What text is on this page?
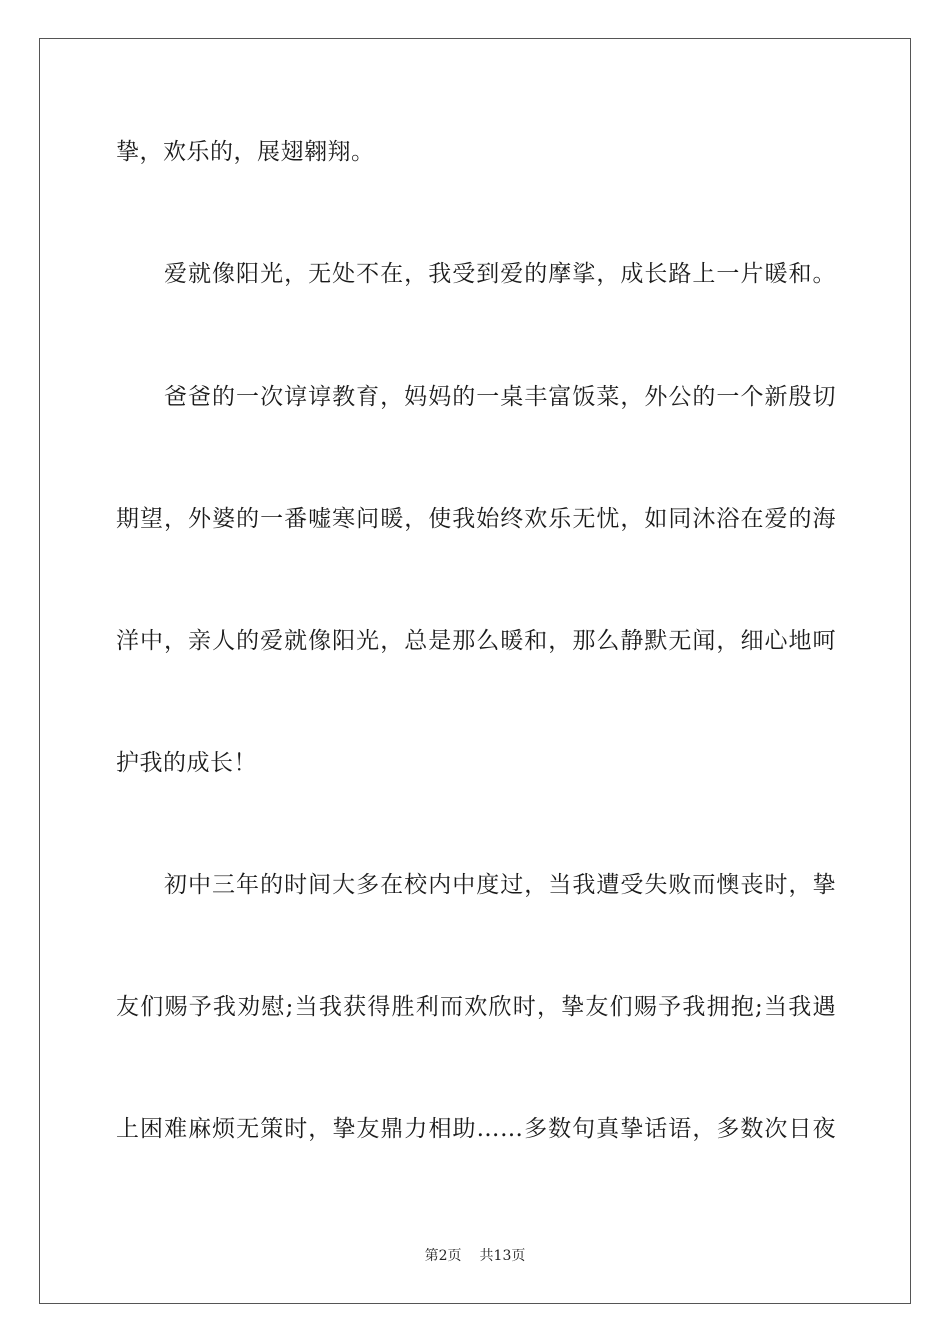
挚，欢乐的，展翅翱翔。
爱就像阳光，无处不在，我受到爱的摩挲，成长路上一片暖和。
爸爸的一次谆谆教育，妈妈的一桌丰富饭菜，外公的一个新殷切
期望，外婆的一番嘘寒问暖，使我始终欢乐无忧，如同沐浴在爱的海
洋中，亲人的爱就像阳光，总是那么暖和，那么静默无闻，细心地呵
护我的成长！
初中三年的时间大多在校内中度过，当我遭受失败而懊丧时，挚
友们赐予我劝慰;当我获得胜利而欢欣时，挚友们赐予我拥抱;当我遇
上困难麻烦无策时，挚友鼎力相助……多数句真挚话语，多数次日夜
第2页 共13页
